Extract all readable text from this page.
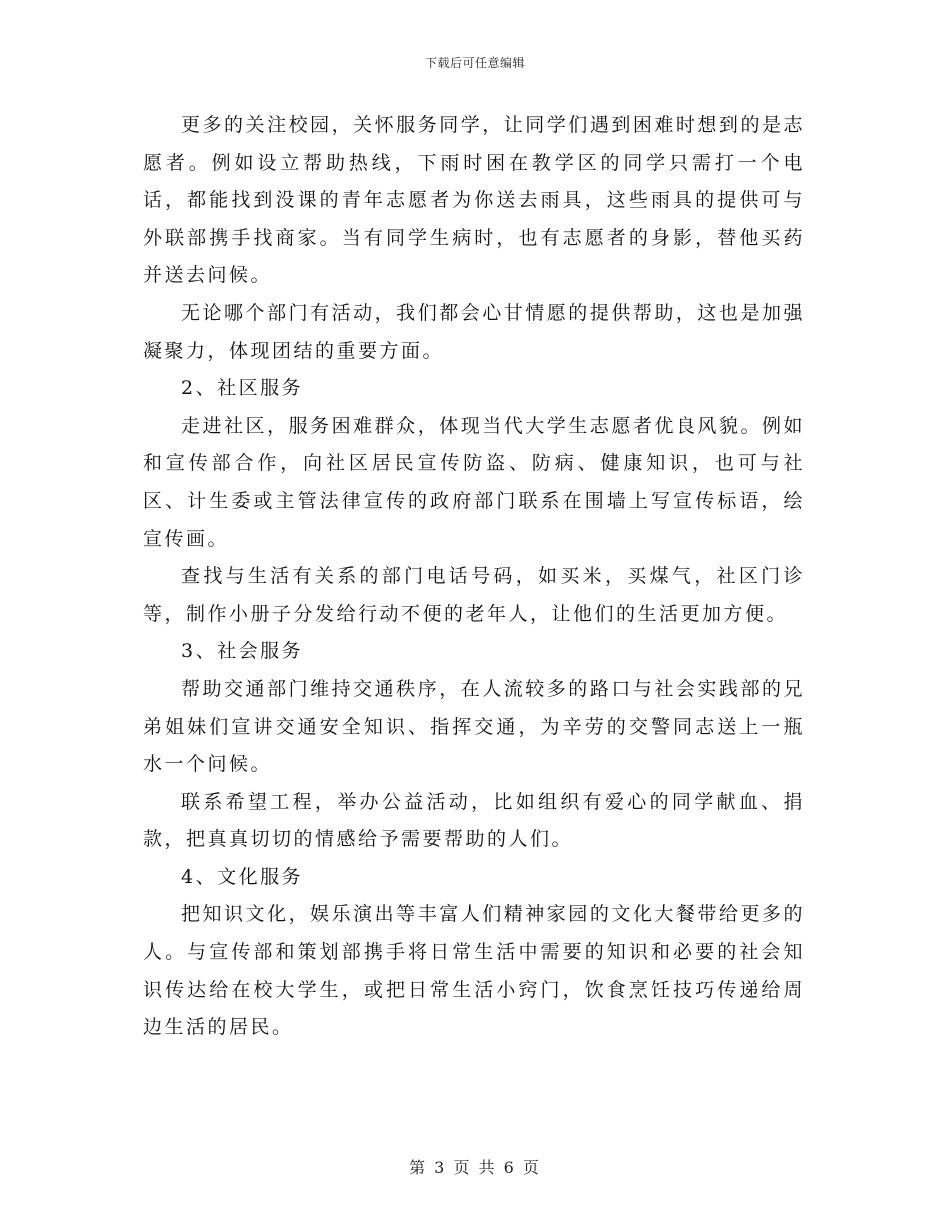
下载后可任意编辑

更多的关注校园，关怀服务同学，让同学们遇到困难时想到的是志愿者。例如设立帮助热线，下雨时困在教学区的同学只需打一个电话，都能找到没课的青年志愿者为你送去雨具，这些雨具的提供可与外联部携手找商家。当有同学生病时，也有志愿者的身影，替他买药并送去问候。

无论哪个部门有活动，我们都会心甘情愿的提供帮助，这也是加强凝聚力，体现团结的重要方面。

2、社区服务

走进社区，服务困难群众，体现当代大学生志愿者优良风貌。例如和宣传部合作，向社区居民宣传防盗、防病、健康知识，也可与社区、计生委或主管法律宣传的政府部门联系在围墙上写宣传标语，绘宣传画。

查找与生活有关系的部门电话号码，如买米，买煤气，社区门诊等，制作小册子分发给行动不便的老年人，让他们的生活更加方便。

3、社会服务

帮助交通部门维持交通秩序，在人流较多的路口与社会实践部的兄弟姐妹们宣讲交通安全知识、指挥交通，为辛劳的交警同志送上一瓶水一个问候。

联系希望工程，举办公益活动，比如组织有爱心的同学献血、捐款，把真真切切的情感给予需要帮助的人们。

4、文化服务

把知识文化，娱乐演出等丰富人们精神家园的文化大餐带给更多的人。与宣传部和策划部携手将日常生活中需要的知识和必要的社会知识传达给在校大学生，或把日常生活小窍门，饮食烹饪技巧传递给周边生活的居民。

第 3 页 共 6 页
